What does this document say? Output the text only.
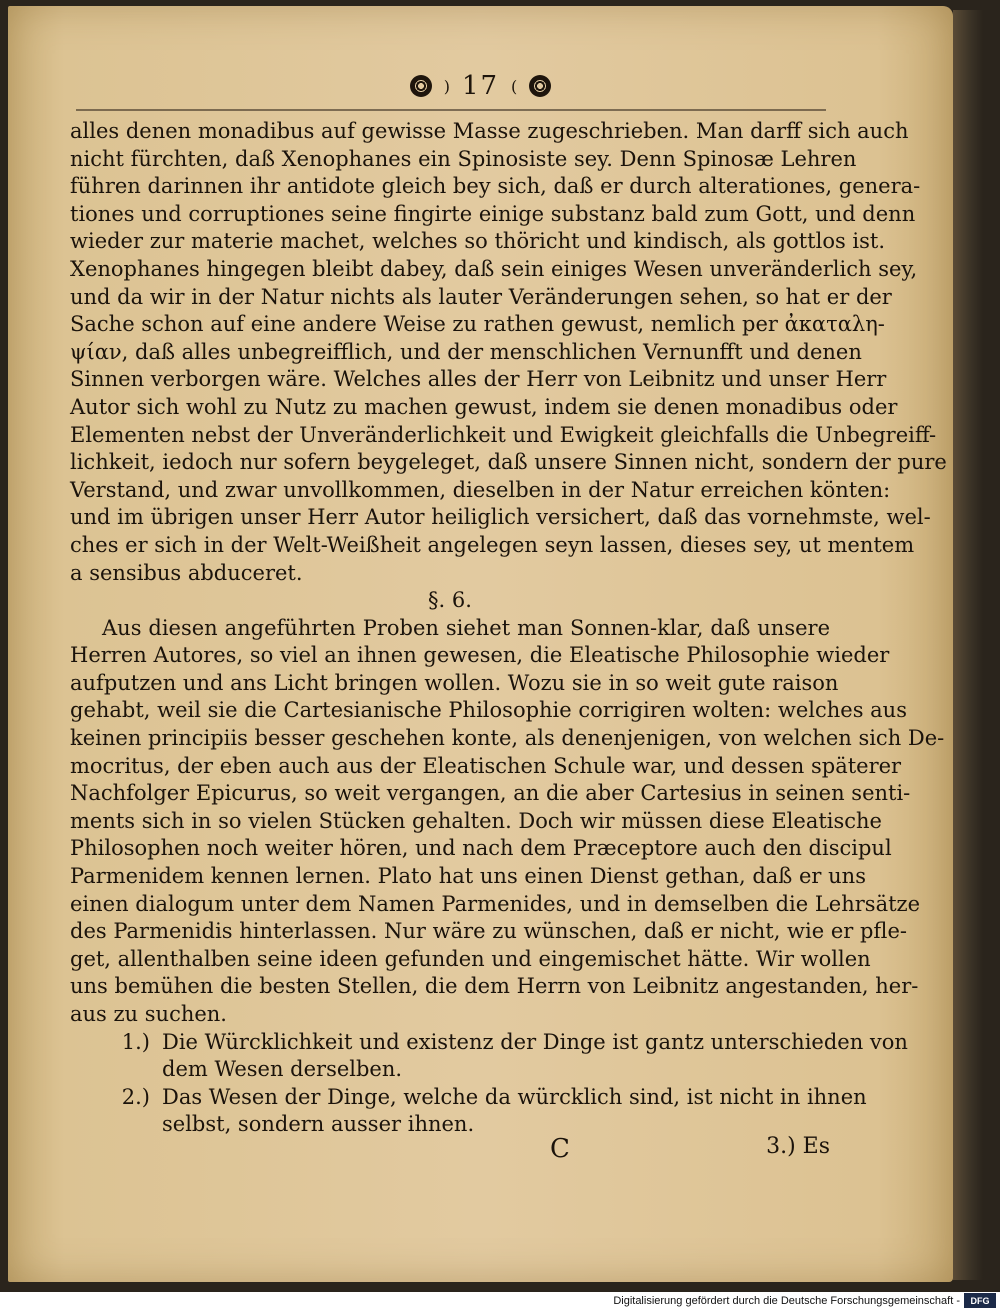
) 17 (
alles denen monadibus auf gewisse Masse zugeschrieben. Man darff sich auch
nicht fürchten, daß Xenophanes ein Spinosiste sey. Denn Spinosæ Lehren
führen darinnen ihr antidote gleich bey sich, daß er durch alterationes, genera-
tiones und corruptiones seine fingirte einige substanz bald zum Gott, und denn
wieder zur materie machet, welches so thöricht und kindisch, als gottlos ist.
Xenophanes hingegen bleibt dabey, daß sein einiges Wesen unveränderlich sey,
und da wir in der Natur nichts als lauter Veränderungen sehen, so hat er der
Sache schon auf eine andere Weise zu rathen gewust, nemlich per ἀκαταλη-
ψίαν, daß alles unbegreifflich, und der menschlichen Vernunfft und denen
Sinnen verborgen wäre. Welches alles der Herr von Leibnitz und unser Herr
Autor sich wohl zu Nutz zu machen gewust, indem sie denen monadibus oder
Elementen nebst der Unveränderlichkeit und Ewigkeit gleichfalls die Unbegreiff-
lichkeit, iedoch nur sofern beygeleget, daß unsere Sinnen nicht, sondern der pure
Verstand, und zwar unvollkommen, dieselben in der Natur erreichen könten:
und im übrigen unser Herr Autor heiliglich versichert, daß das vornehmste, wel-
ches er sich in der Welt-Weißheit angelegen seyn lassen, dieses sey, ut mentem
a sensibus abduceret.
§. 6.
Aus diesen angeführten Proben siehet man Sonnen-klar, daß unsere
Herren Autores, so viel an ihnen gewesen, die Eleatische Philosophie wieder
aufputzen und ans Licht bringen wollen. Wozu sie in so weit gute raison
gehabt, weil sie die Cartesianische Philosophie corrigiren wolten: welches aus
keinen principiis besser geschehen konte, als denenjenigen, von welchen sich De-
mocritus, der eben auch aus der Eleatischen Schule war, und dessen späterer
Nachfolger Epicurus, so weit vergangen, an die aber Cartesius in seinen senti-
ments sich in so vielen Stücken gehalten. Doch wir müssen diese Eleatische
Philosophen noch weiter hören, und nach dem Præceptore auch den discipul
Parmenidem kennen lernen. Plato hat uns einen Dienst gethan, daß er uns
einen dialogum unter dem Namen Parmenides, und in demselben die Lehrsätze
des Parmenidis hinterlassen. Nur wäre zu wünschen, daß er nicht, wie er pfle-
get, allenthalben seine ideen gefunden und eingemischet hätte. Wir wollen
uns bemühen die besten Stellen, die dem Herrn von Leibnitz angestanden, her-
aus zu suchen.
1.) Die Würcklichkeit und existenz der Dinge ist gantz unterschieden von
dem Wesen derselben.
2.) Das Wesen der Dinge, welche da würcklich sind, ist nicht in ihnen
selbst, sondern ausser ihnen.
C	3.) Es
Digitalisierung gefördert durch die Deutsche Forschungsgemeinschaft -	DFG
